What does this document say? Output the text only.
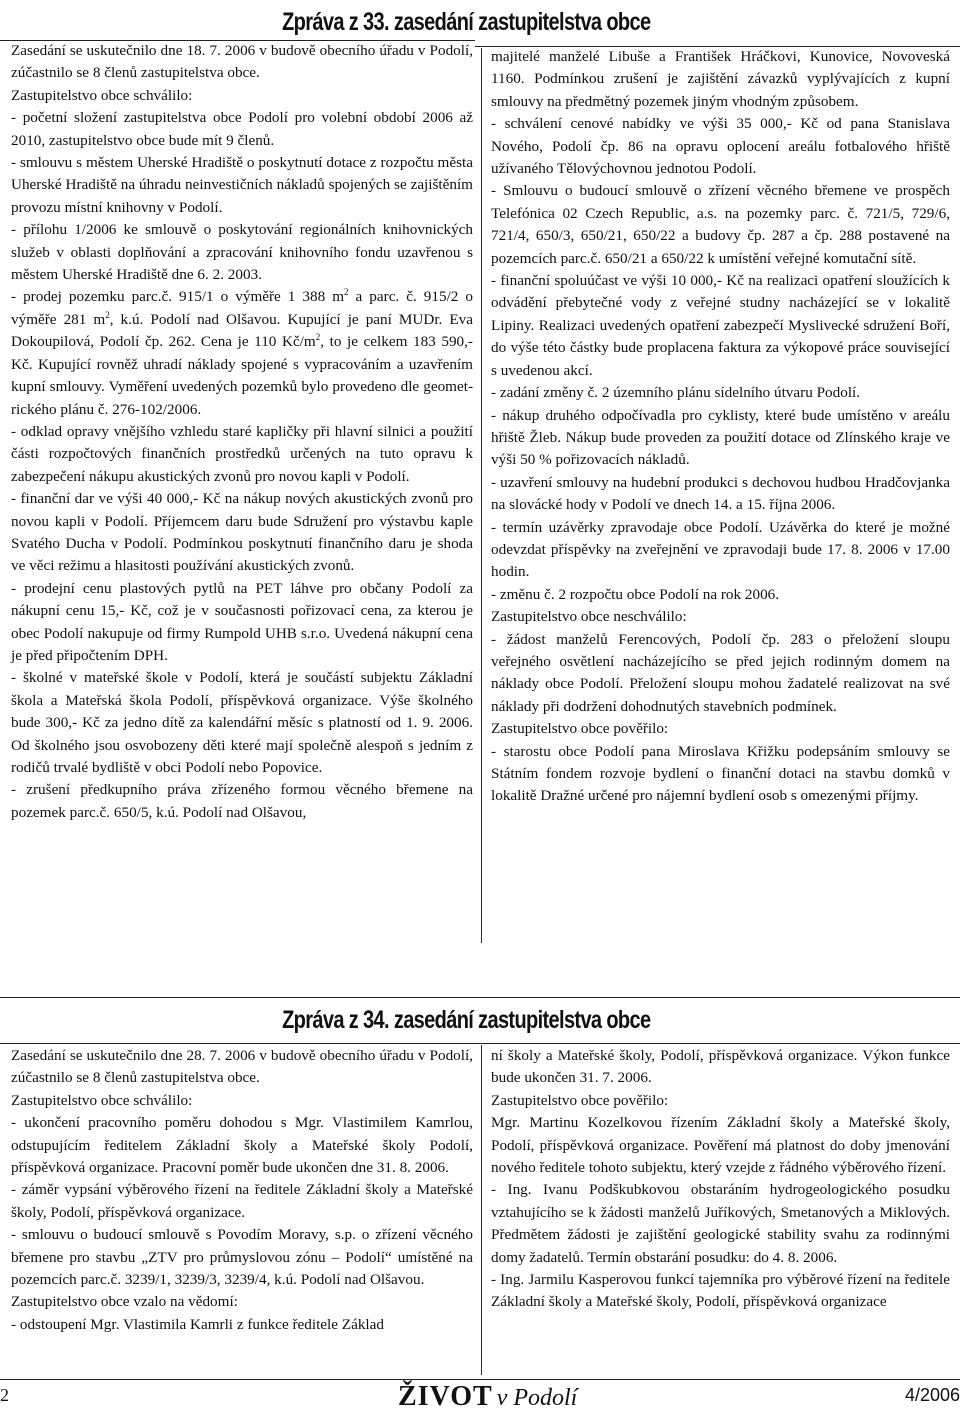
Zpráva z 33. zasedání zastupitelstva obce

Zasedání se uskutečnilo dne 18. 7. 2006 v budově obecního úřadu v Podolí, zúčastnilo se 8 členů zastupitelstva obce.

Zastupitelstvo obce schválilo:

- početní složení zastupitelstva obce Podolí pro volební období 2006 až 2010, zastupitelstvo obce bude mít 9 členů.

- smlouvu s městem Uherské Hradiště o poskytnutí dotace z rozpočtu města Uherské Hradiště na úhradu neinvestičních nákladů spojených se zajištěním provozu místní knihovny v Podolí.

- přílohu 1/2006 ke smlouvě o poskytování regionálních knihovnických služeb v oblasti doplňování a zpracování knihovního fondu uzavřenou s městem Uherské Hradiště dne 6. 2. 2003.

- prodej pozemku parc.č. 915/1 o výměře 1 388 $m^2$ a parc. č. 915/2 o výměře 281 $m^2$, k.ú. Podolí nad Olšavou. Kupující je paní MUDr. Eva Dokoupilová, Podolí čp. 262. Cena je 110 $Kč/m^2$, to je celkem 183 590,- Kč. Kupující rovněž uhradí náklady spojené s vypracováním a uzavřením kupní smlouvy. Vyměření uvedených pozemků bylo provedeno dle geometrického plánu č. 276-102/2006.

- odklad opravy vnějšího vzhledu staré kapličky při hlavní silnici a použití části rozpočtových finančních prostředků určených na tuto opravu k zabezpečení nákupu akustických zvonů pro novou kapli v Podolí.

- finanční dar ve výši 40 000,- Kč na nákup nových akustických zvonů pro novou kapli v Podolí. Příjemcem daru bude Sdružení pro výstavbu kaple Svatého Ducha v Podolí. Podmínkou poskytnutí finančního daru je shoda ve věci režimu a hlasitosti používání akustických zvonů.

- prodejní cenu plastových pytlů na PET láhve pro občany Podolí za nákupní cenu 15,- Kč, což je v současnosti pořizovací cena, za kterou je obec Podolí nakupuje od firmy Rumpold UHB s.r.o. Uvedená nákupní cena je před připočtením DPH.

- školné v mateřské škole v Podolí, která je součástí subjektu Základní škola a Mateřská škola Podolí, příspěvková organizace. Výše školného bude 300,- Kč za jedno dítě za kalendářní měsíc s platností od 1. 9. 2006. Od školného jsou osvobozeny děti které mají společně alespoň s jedním z rodičů trvalé bydliště v obci Podolí nebo Popovice.

- zrušení předkupního práva zřízeného formou věcného břemene na pozemek parc.č. 650/5, k.ú. Podolí nad Olšavou,

majitelé manželé Libuše a František Hráčkovi, Kunovice, Novoveská 1160. Podmínkou zrušení je zajištění závazků vyplývajících z kupní smlouvy na předmětný pozemek jiným vhodným způsobem.

- schválení cenové nabídky ve výši 35 000,- Kč od pana Stanislava Nového, Podolí čp. 86 na opravu oplocení areálu fotbalového hřiště užívaného Tělovýchovnou jednotou Podolí.

- Smlouvu o budoucí smlouvě o zřízení věcného břemene ve prospěch Telefónica 02 Czech Republic, a.s. na pozemky parc. č. 721/5, 729/6, 721/4, 650/3, 650/21, 650/22 a budovy čp. 287 a čp. 288 postavené na pozemcích parc.č. 650/21 a 650/22 k umístění veřejné komutační sítě.

- finanční spoluúčast ve výši 10 000,- Kč na realizaci opatření sloužících k odvádění přebytečné vody z veřejné studny nacházející se v lokalitě Lipiny. Realizaci uvedených opatření zabezpečí Myslivecké sdružení Boří, do výše této částky bude proplacena faktura za výkopové práce související s uvedenou akcí.

- zadání změny č. 2 územního plánu sídelního útvaru Podolí.

- nákup druhého odpočívadla pro cyklisty, které bude umístěno v areálu hřiště Žleb. Nákup bude proveden za použití dotace od Zlínského kraje ve výši 50 % pořizovacích nákladů.

- uzavření smlouvy na hudební produkci s dechovou hudbou Hradčovjanka na slovácké hody v Podolí ve dnech 14. a 15. října 2006.

- termín uzávěrky zpravodaje obce Podolí. Uzávěrka do které je možné odevzdat příspěvky na zveřejnění ve zpravodaji bude 17. 8. 2006 v 17.00 hodin.

- změnu č. 2 rozpočtu obce Podolí na rok 2006.

Zastupitelstvo obce neschválilo:

- žádost manželů Ferencových, Podolí čp. 283 o přeložení sloupu veřejného osvětlení nacházejícího se před jejich rodinným domem na náklady obce Podolí. Přeložení sloupu mohou žadatelé realizovat na své náklady při dodržení dohodnutých stavebních podmínek.

Zastupitelstvo obce pověřilo:

- starostu obce Podolí pana Miroslava Křižku podepsáním smlouvy se Státním fondem rozvoje bydlení o finanční dotaci na stavbu domků v lokalitě Dražné určené pro nájemní bydlení osob s omezenými příjmy.

Zpráva z 34. zasedání zastupitelstva obce

Zasedání se uskutečnilo dne 28. 7. 2006 v budově obecního úřadu v Podolí, zúčastnilo se 8 členů zastupitelstva obce.

Zastupitelstvo obce schválilo:

- ukončení pracovního poměru dohodou s Mgr. Vlastimilem Kamrlou, odstupujícím ředitelem Základní školy a Mateřské školy Podolí, příspěvková organizace. Pracovní poměr bude ukončen dne 31. 8. 2006.

- záměr vypsání výběrového řízení na ředitele Základní školy a Mateřské školy, Podolí, příspěvková organizace.

- smlouvu o budoucí smlouvě s Povodím Moravy, s.p. o zřízení věcného břemene pro stavbu „ZTV pro průmyslovou zónu – Podolí“ umístěné na pozemcích parc.č. 3239/1, 3239/3, 3239/4, k.ú. Podolí nad Olšavou.

Zastupitelstvo obce vzalo na vědomí:

- odstoupení Mgr. Vlastimila Kamrli z funkce ředitele Základ

ní školy a Mateřské školy, Podolí, příspěvková organizace. Výkon funkce bude ukončen 31. 7. 2006.

Zastupitelstvo obce pověřilo:

Mgr. Martinu Kozelkovou řízením Základní školy a Mateřské školy, Podolí, příspěvková organizace. Pověření má platnost do doby jmenování nového ředitele tohoto subjektu, který vzejde z řádného výběrového řízení.

- Ing. Ivanu Podškubkovou obstaráním hydrogeologického posudku vztahujícího se k žádosti manželů Juříkových, Smetanových a Miklových. Předmětem žádosti je zajištění geologické stability svahu za rodinnými domy žadatelů. Termín obstarání posudku: do 4. 8. 2006.

- Ing. Jarmilu Kasperovou funkcí tajemníka pro výběrové řízení na ředitele Základní školy a Mateřské školy, Podolí, příspěvková organizace

2	ŽIVOT v Podolí	4/2006
